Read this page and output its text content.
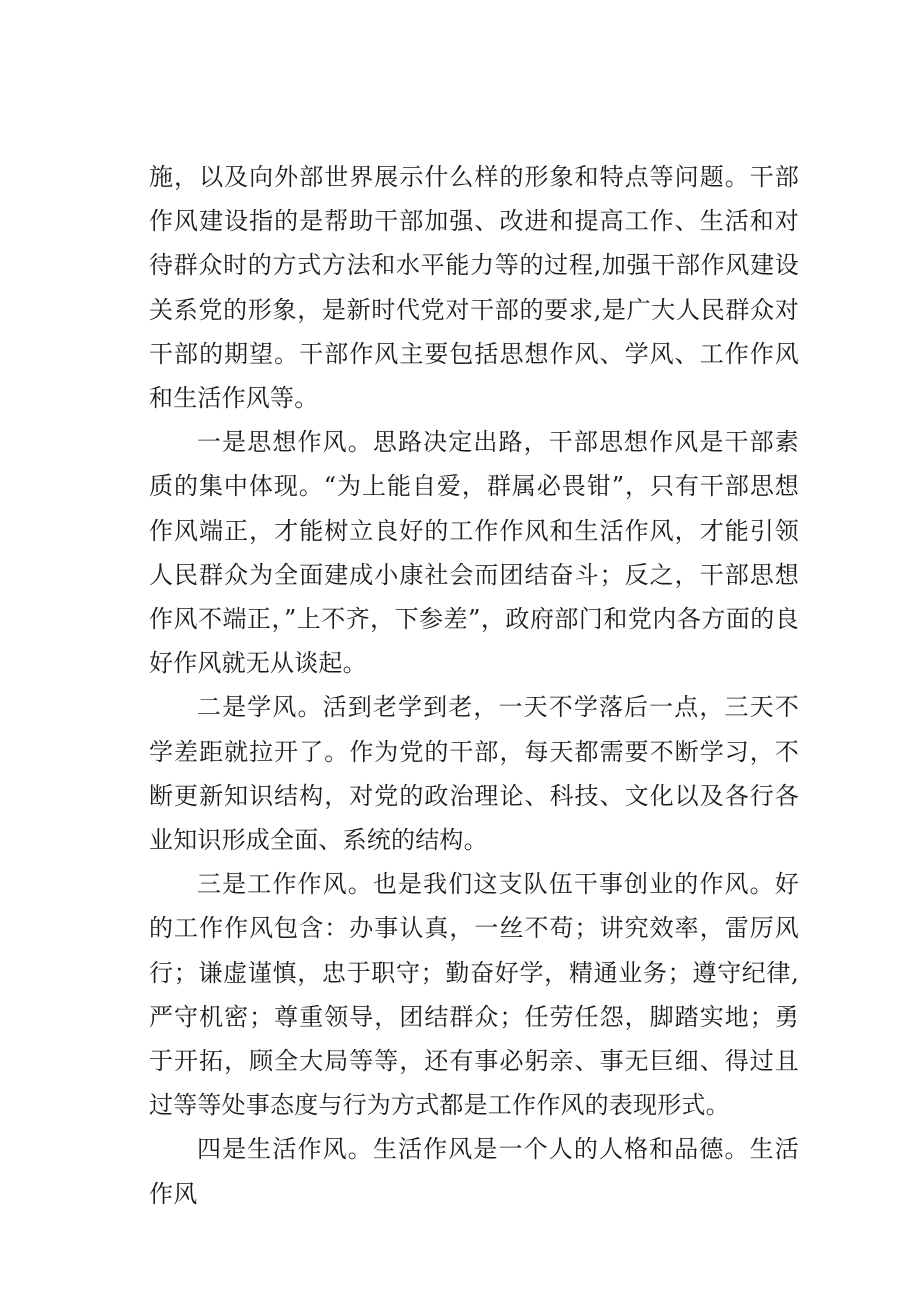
施，以及向外部世界展示什么样的形象和特点等问题。干部作风建设指的是帮助干部加强、改进和提高工作、生活和对待群众时的方式方法和水平能力等的过程,加强干部作风建设关系党的形象，是新时代党对干部的要求,是广大人民群众对干部的期望。干部作风主要包括思想作风、学风、工作作风和生活作风等。

一是思想作风。思路决定出路，干部思想作风是干部素质的集中体现。“为上能自爱，群属必畏钳”，只有干部思想作风端正，才能树立良好的工作作风和生活作风，才能引领人民群众为全面建成小康社会而团结奋斗；反之，干部思想作风不端正，”上不齐，下参差”，政府部门和党内各方面的良好作风就无从谈起。

二是学风。活到老学到老，一天不学落后一点，三天不学差距就拉开了。作为党的干部，每天都需要不断学习，不断更新知识结构，对党的政治理论、科技、文化以及各行各业知识形成全面、系统的结构。

三是工作作风。也是我们这支队伍干事创业的作风。好的工作作风包含：办事认真，一丝不苟；讲究效率，雷厉风行；谦虚谨慎，忠于职守；勤奋好学，精通业务；遵守纪律,严守机密；尊重领导，团结群众；任劳任怨，脚踏实地；勇于开拓，顾全大局等等，还有事必躬亲、事无巨细、得过且过等等处事态度与行为方式都是工作作风的表现形式。

四是生活作风。生活作风是一个人的人格和品德。生活作风
